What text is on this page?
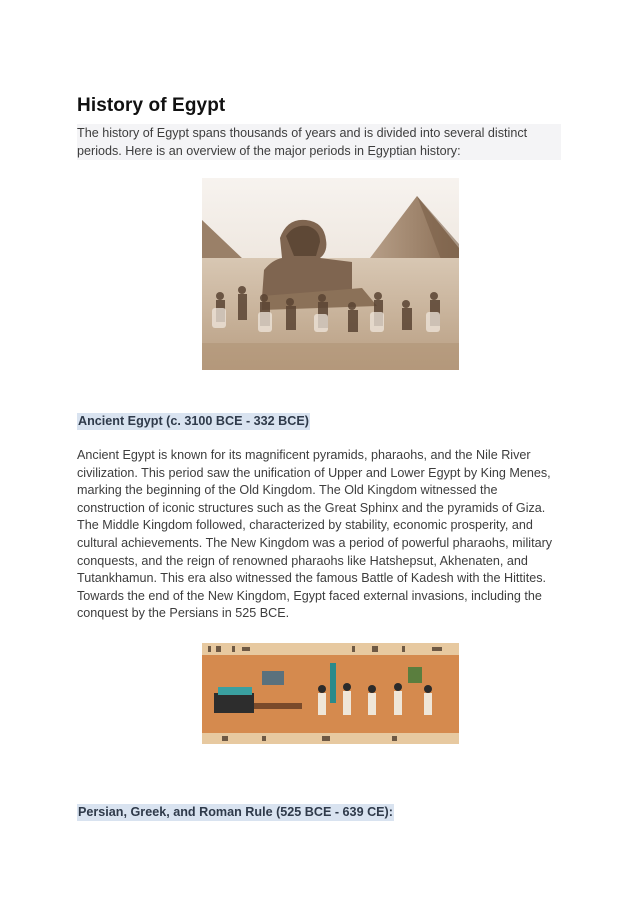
History of Egypt

The history of Egypt spans thousands of years and is divided into several distinct periods. Here is an overview of the major periods in Egyptian history:

Ancient Egypt (c. 3100 BCE - 332 BCE)

Ancient Egypt is known for its magnificent pyramids, pharaohs, and the Nile River civilization. This period saw the unification of Upper and Lower Egypt by King Menes, marking the beginning of the Old Kingdom. The Old Kingdom witnessed the construction of iconic structures such as the Great Sphinx and the pyramids of Giza. The Middle Kingdom followed, characterized by stability, economic prosperity, and cultural achievements. The New Kingdom was a period of powerful pharaohs, military conquests, and the reign of renowned pharaohs like Hatshepsut, Akhenaten, and Tutankhamun. This era also witnessed the famous Battle of Kadesh with the Hittites. Towards the end of the New Kingdom, Egypt faced external invasions, including the conquest by the Persians in 525 BCE.

Persian, Greek, and Roman Rule (525 BCE - 639 CE):
